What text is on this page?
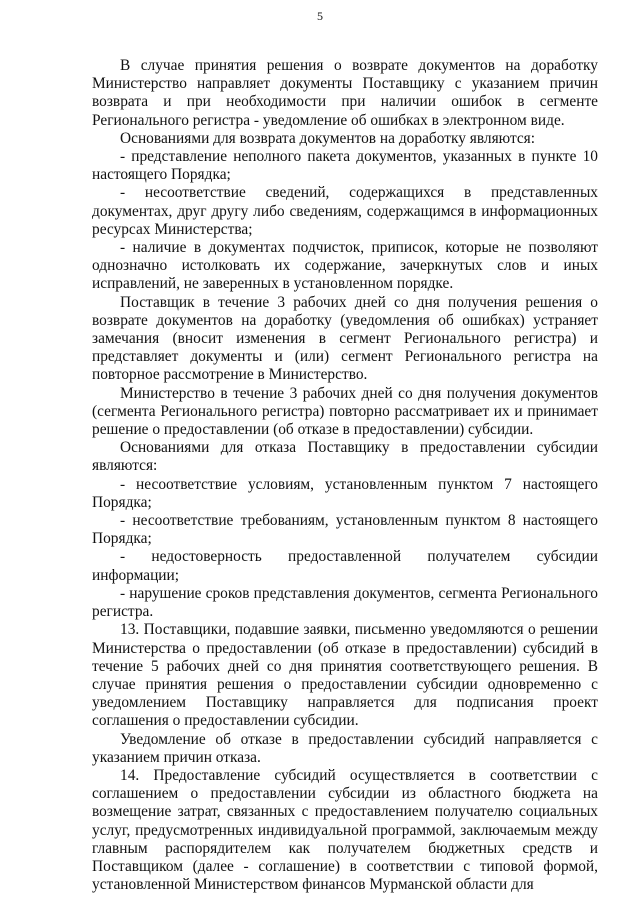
5

В случае принятия решения о возврате документов на доработку Министерство направляет документы Поставщику с указанием причин возврата и при необходимости при наличии ошибок в сегменте Регионального регистра - уведомление об ошибках в электронном виде.

Основаниями для возврата документов на доработку являются:

- представление неполного пакета документов, указанных в пункте 10 настоящего Порядка;

- несоответствие сведений, содержащихся в представленных документах, друг другу либо сведениям, содержащимся в информационных ресурсах Министерства;

- наличие в документах подчисток, приписок, которые не позволяют однозначно истолковать их содержание, зачеркнутых слов и иных исправлений, не заверенных в установленном порядке.

Поставщик в течение 3 рабочих дней со дня получения решения о возврате документов на доработку (уведомления об ошибках) устраняет замечания (вносит изменения в сегмент Регионального регистра) и представляет документы и (или) сегмент Регионального регистра на повторное рассмотрение в Министерство.

Министерство в течение 3 рабочих дней со дня получения документов (сегмента Регионального регистра) повторно рассматривает их и принимает решение о предоставлении (об отказе в предоставлении) субсидии.

Основаниями для отказа Поставщику в предоставлении субсидии являются:

- несоответствие условиям, установленным пунктом 7 настоящего Порядка;

- несоответствие требованиям, установленным пунктом 8 настоящего Порядка;

- недостоверность предоставленной получателем субсидии информации;

- нарушение сроков представления документов, сегмента Регионального регистра.

13. Поставщики, подавшие заявки, письменно уведомляются о решении Министерства о предоставлении (об отказе в предоставлении) субсидий в течение 5 рабочих дней со дня принятия соответствующего решения. В случае принятия решения о предоставлении субсидии одновременно с уведомлением Поставщику направляется для подписания проект соглашения о предоставлении субсидии.

Уведомление об отказе в предоставлении субсидий направляется с указанием причин отказа.

14. Предоставление субсидий осуществляется в соответствии с соглашением о предоставлении субсидии из областного бюджета на возмещение затрат, связанных с предоставлением получателю социальных услуг, предусмотренных индивидуальной программой, заключаемым между главным распорядителем как получателем бюджетных средств и Поставщиком (далее - соглашение) в соответствии с типовой формой, установленной Министерством финансов Мурманской области для
